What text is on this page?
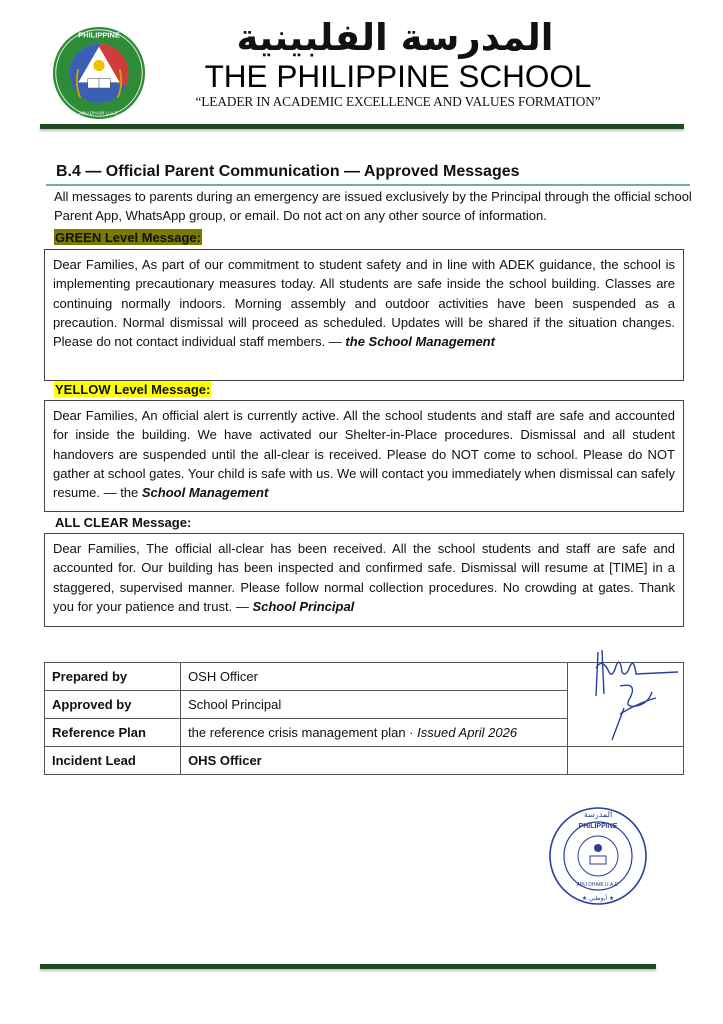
PHILIPPINE
ABU DHABI U.A.E.
المدرسة الفلبينية
THE PHILIPPINE SCHOOL
“LEADER IN ACADEMIC EXCELLENCE AND VALUES FORMATION”
B.4 — Official Parent Communication — Approved Messages
All messages to parents during an emergency are issued exclusively by the Principal through the official school Parent App, WhatsApp group, or email. Do not act on any other source of information.
GREEN Level Message:
Dear Families, As part of our commitment to student safety and in line with ADEK guidance, the school is implementing precautionary measures today. All students are safe inside the school building. Classes are continuing normally indoors. Morning assembly and outdoor activities have been suspended as a precaution. Normal dismissal will proceed as scheduled. Updates will be shared if the situation changes. Please do not contact individual staff members. — the School Management
YELLOW Level Message:
Dear Families, An official alert is currently active. All the school students and staff are safe and accounted for inside the building. We have activated our Shelter-in-Place procedures. Dismissal and all student handovers are suspended until the all-clear is received. Please do NOT come to school. Please do NOT gather at school gates. Your child is safe with us. We will contact you immediately when dismissal can safely resume. — the School Management
ALL CLEAR Message:
Dear Families, The official all-clear has been received. All the school students and staff are safe and accounted for. Our building has been inspected and confirmed safe. Dismissal will resume at [TIME] in a staggered, supervised manner. Please follow normal collection procedures. No crowding at gates. Thank you for your patience and trust. — School Principal
Prepared by	OSH Officer	
Approved by	School Principal	
Reference Plan	the reference crisis management plan · Issued April 2026	
Incident Lead	OHS Officer	
PHILIPPINE
ABU DHABI U.A.E.
المدرسة
★ أبوظبي ★
